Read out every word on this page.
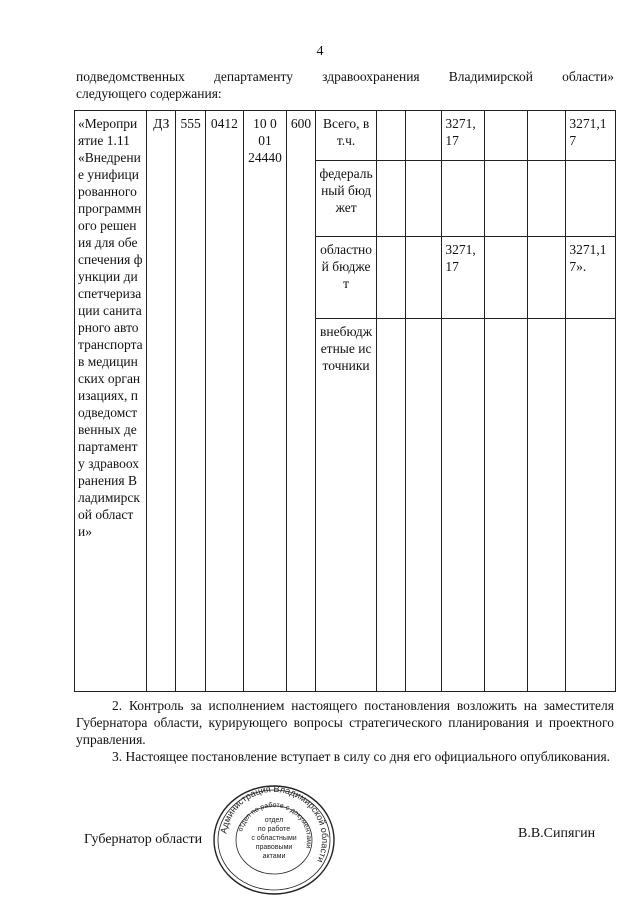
4
подведомственных департаменту здравоохранения Владимирской области»
следующего содержания:
«Мероприятие 1.11 «Внедрение унифицированного программного решения для обеспечения функции диспетчеризации санитарного автотранспорта в медицинских организациях, подведомственных департаменту здравоохранения Владимирской области»	ДЗ	555	0412	10 0 01 24440	600	Всего, в т.ч.			3271,17			3271,17
						федеральный бюджет						
						областной бюджет			3271,17			3271,17».
						внебюджетные источники						
2. Контроль за исполнением настоящего постановления возложить на заместителя Губернатора области, курирующего вопросы стратегического планирования и проектного управления.
3. Настоящее постановление вступает в силу со дня его официального опубликования.
Губернатор области
Администрация Владимирской области
отдел по работе с документами
отдел
по работе
с областными
правовыми
актами
В.В.Сипягин
